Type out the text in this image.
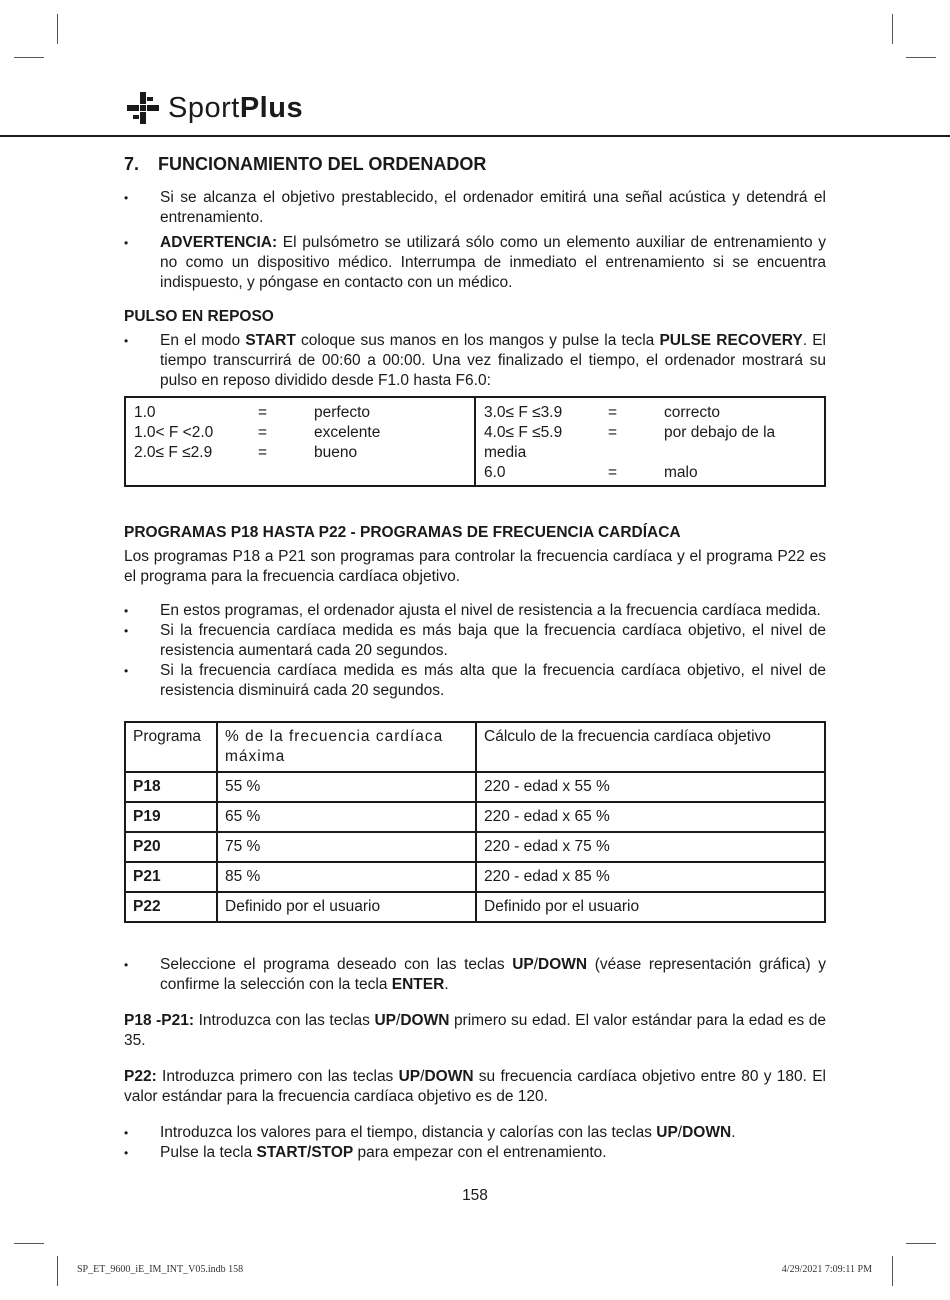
SportPlus
7. FUNCIONAMIENTO DEL ORDENADOR
• Si se alcanza el objetivo prestablecido, el ordenador emitirá una señal acústica y detendrá el entrenamiento.
• ADVERTENCIA: El pulsómetro se utilizará sólo como un elemento auxiliar de entrenamiento y no como un dispositivo médico. Interrumpa de inmediato el entrenamiento si se encuentra indispuesto, y póngase en contacto con un médico.
PULSO EN REPOSO
• En el modo START coloque sus manos en los mangos y pulse la tecla PULSE RECOVERY. El tiempo transcurrirá de 00:60 a 00:00. Una vez finalizado el tiempo, el ordenador mostrará su pulso en reposo dividido desde F1.0 hasta F6.0:
1.0	=	perfecto
1.0< F <2.0	=	excelente
2.0≤ F ≤2.9	=	bueno
3.0≤ F ≤3.9	=	correcto
4.0≤ F ≤5.9	=	por debajo de la
media
6.0	=	malo
PROGRAMAS P18 HASTA P22 - PROGRAMAS DE FRECUENCIA CARDÍACA

Los programas P18 a P21 son programas para controlar la frecuencia cardíaca y el programa P22 es el programa para la frecuencia cardíaca objetivo.

• En estos programas, el ordenador ajusta el nivel de resistencia a la frecuencia cardíaca medida.
• Si la frecuencia cardíaca medida es más baja que la frecuencia cardíaca objetivo, el nivel de resistencia aumentará cada 20 segundos.
• Si la frecuencia cardíaca medida es más alta que la frecuencia cardíaca objetivo, el nivel de resistencia disminuirá cada 20 segundos.
Programa	% de la frecuencia cardíaca máxima	Cálculo de la frecuencia cardíaca objetivo
P18	55 %	220 - edad x 55 %
P19	65 %	220 - edad x 65 %
P20	75 %	220 - edad x 75 %
P21	85 %	220 - edad x 85 %
P22	Definido por el usuario	Definido por el usuario
• Seleccione el programa deseado con las teclas UP/DOWN (véase representación gráfica) y confirme la selección con la tecla ENTER.

P18 -P21: Introduzca con las teclas UP/DOWN primero su edad. El valor estándar para la edad es de 35.

P22: Introduzca primero con las teclas UP/DOWN su frecuencia cardíaca objetivo entre 80 y 180. El valor estándar para la frecuencia cardíaca objetivo es de 120.

• Introduzca los valores para el tiempo, distancia y calorías con las teclas UP/DOWN.
• Pulse la tecla START/STOP para empezar con el entrenamiento.
158
SP_ET_9600_iE_IM_INT_V05.indb 158	4/29/2021 7:09:11 PM
